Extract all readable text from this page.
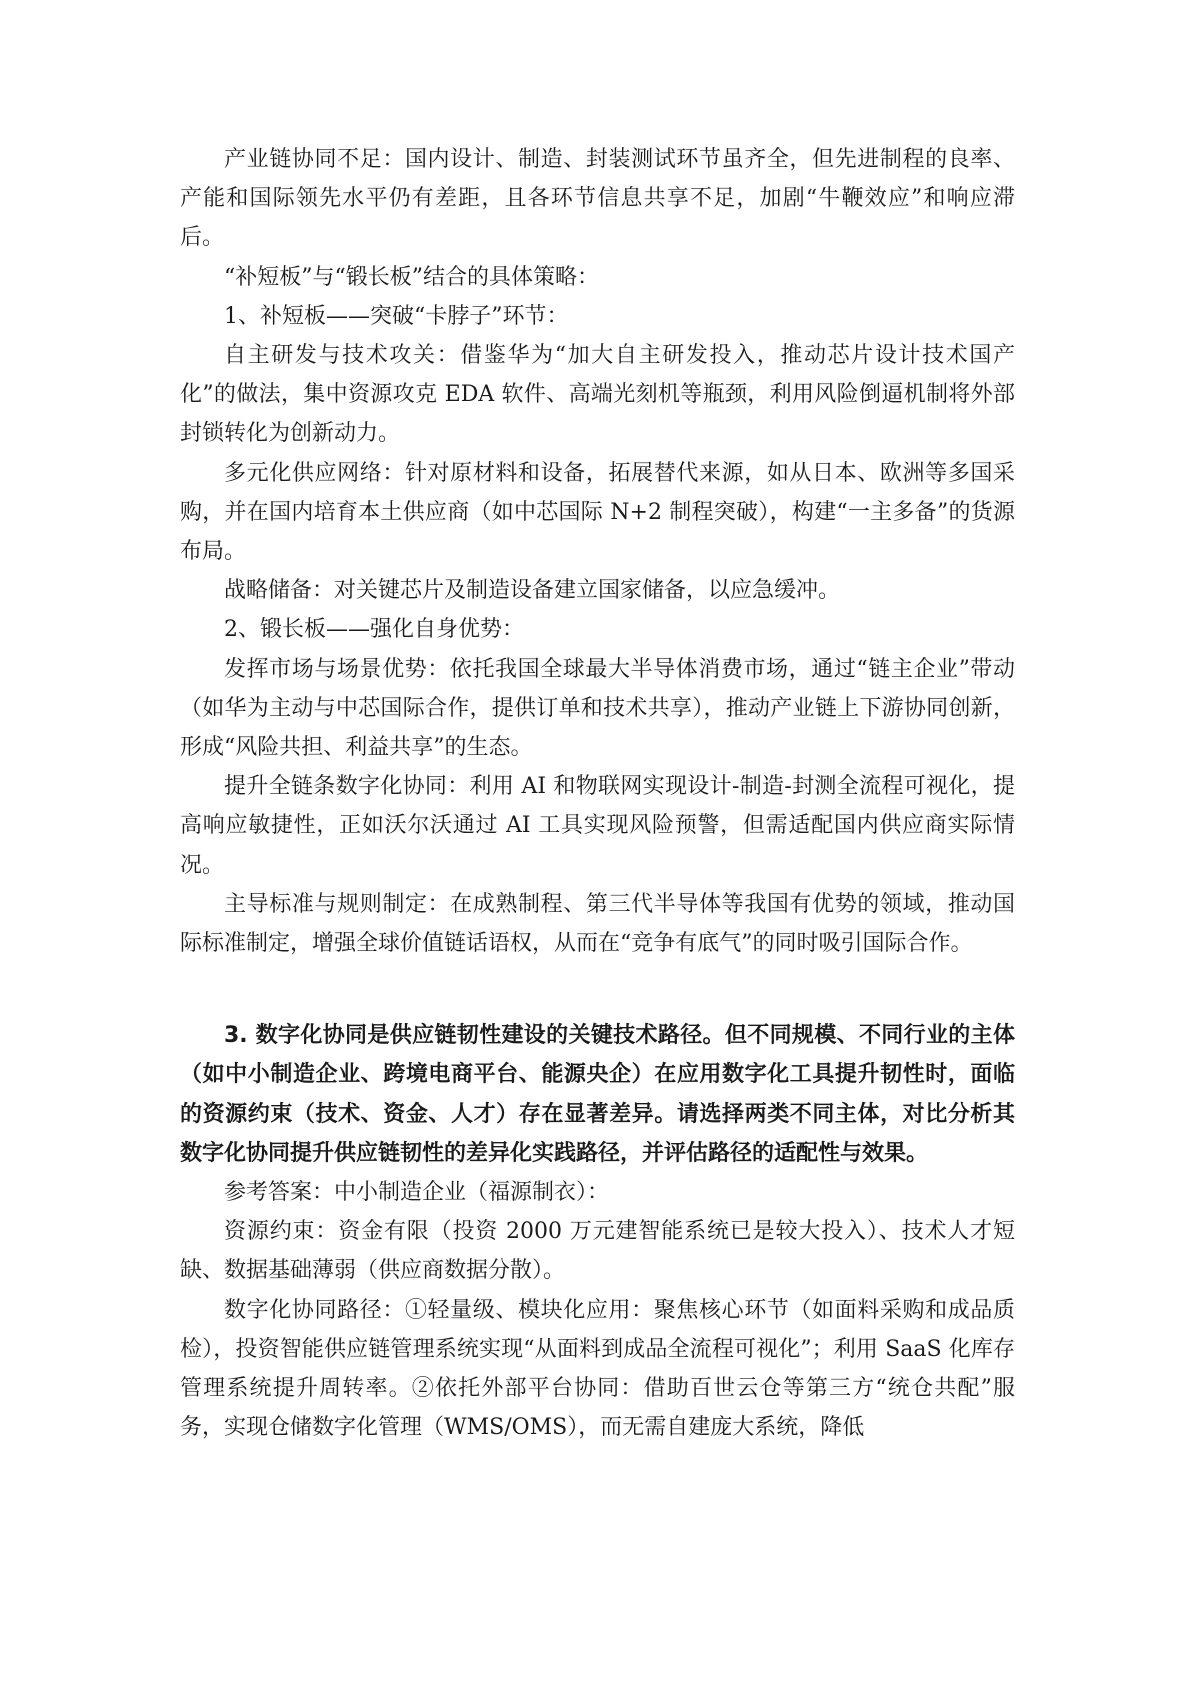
产业链协同不足：国内设计、制造、封装测试环节虽齐全，但先进制程的良率、产能和国际领先水平仍有差距，且各环节信息共享不足，加剧“牛鞭效应”和响应滞后。

“补短板”与“锻长板”结合的具体策略：

1、补短板——突破“卡脖子”环节：

自主研发与技术攻关：借鉴华为“加大自主研发投入，推动芯片设计技术国产化”的做法，集中资源攻克 EDA 软件、高端光刻机等瓶颈，利用风险倒逼机制将外部封锁转化为创新动力。

多元化供应网络：针对原材料和设备，拓展替代来源，如从日本、欧洲等多国采购，并在国内培育本土供应商（如中芯国际 N+2 制程突破），构建“一主多备”的货源布局。

战略储备：对关键芯片及制造设备建立国家储备，以应急缓冲。

2、锻长板——强化自身优势：

发挥市场与场景优势：依托我国全球最大半导体消费市场，通过“链主企业”带动（如华为主动与中芯国际合作，提供订单和技术共享），推动产业链上下游协同创新，形成“风险共担、利益共享”的生态。

提升全链条数字化协同：利用 AI 和物联网实现设计-制造-封测全流程可视化，提高响应敏捷性，正如沃尔沃通过 AI 工具实现风险预警，但需适配国内供应商实际情况。

主导标准与规则制定：在成熟制程、第三代半导体等我国有优势的领域，推动国际标准制定，增强全球价值链话语权，从而在“竞争有底气”的同时吸引国际合作。

3. 数字化协同是供应链韧性建设的关键技术路径。但不同规模、不同行业的主体（如中小制造企业、跨境电商平台、能源央企）在应用数字化工具提升韧性时，面临的资源约束（技术、资金、人才）存在显著差异。请选择两类不同主体，对比分析其数字化协同提升供应链韧性的差异化实践路径，并评估路径的适配性与效果。

参考答案：中小制造企业（福源制衣）：

资源约束：资金有限（投资 2000 万元建智能系统已是较大投入）、技术人才短缺、数据基础薄弱（供应商数据分散）。

数字化协同路径：①轻量级、模块化应用：聚焦核心环节（如面料采购和成品质检），投资智能供应链管理系统实现“从面料到成品全流程可视化”；利用 SaaS 化库存管理系统提升周转率。②依托外部平台协同：借助百世云仓等第三方“统仓共配”服务，实现仓储数字化管理（WMS/OMS），而无需自建庞大系统，降低
